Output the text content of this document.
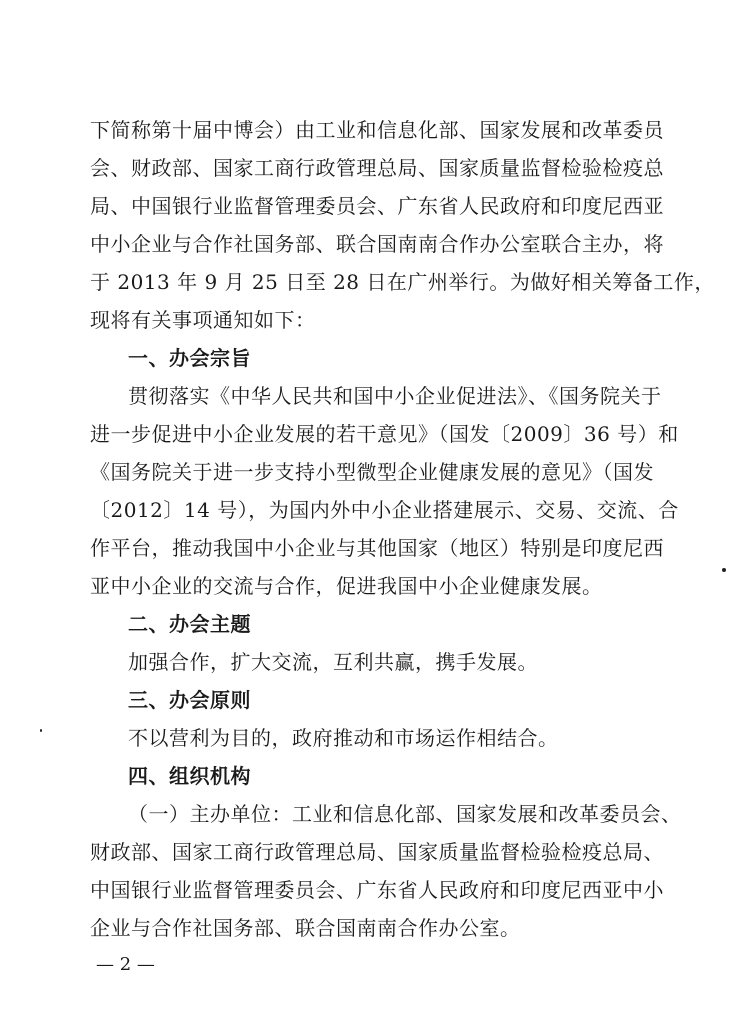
下简称第十届中博会）由工业和信息化部、国家发展和改革委员
会、财政部、国家工商行政管理总局、国家质量监督检验检疫总
局、中国银行业监督管理委员会、广东省人民政府和印度尼西亚
中小企业与合作社国务部、联合国南南合作办公室联合主办，将
于 2013 年 9 月 25 日至 28 日在广州举行。为做好相关筹备工作，
现将有关事项通知如下：
一、办会宗旨
贯彻落实《中华人民共和国中小企业促进法》、《国务院关于
进一步促进中小企业发展的若干意见》（国发〔2009〕36 号）和
《国务院关于进一步支持小型微型企业健康发展的意见》（国发
〔2012〕14 号），为国内外中小企业搭建展示、交易、交流、合
作平台，推动我国中小企业与其他国家（地区）特别是印度尼西
亚中小企业的交流与合作，促进我国中小企业健康发展。
二、办会主题
加强合作，扩大交流，互利共赢，携手发展。
三、办会原则
不以营利为目的，政府推动和市场运作相结合。
四、组织机构
（一）主办单位：工业和信息化部、国家发展和改革委员会、
财政部、国家工商行政管理总局、国家质量监督检验检疫总局、
中国银行业监督管理委员会、广东省人民政府和印度尼西亚中小
企业与合作社国务部、联合国南南合作办公室。
— 2 —
